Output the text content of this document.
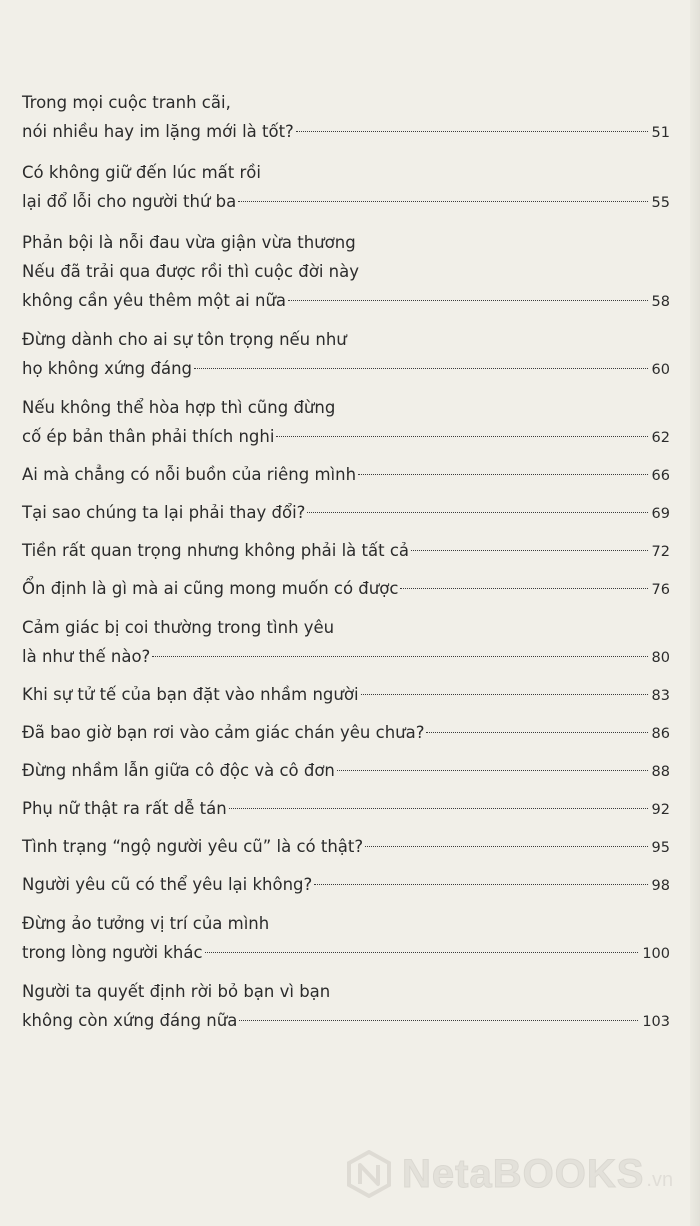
Trong mọi cuộc tranh cãi,
nói nhiều hay im lặng mới là tốt?	51
Có không giữ đến lúc mất rồi
lại đổ lỗi cho người thứ ba	55
Phản bội là nỗi đau vừa giận vừa thương
Nếu đã trải qua được rồi thì cuộc đời này
không cần yêu thêm một ai nữa	58
Đừng dành cho ai sự tôn trọng nếu như
họ không xứng đáng	60
Nếu không thể hòa hợp thì cũng đừng
cố ép bản thân phải thích nghi	62
Ai mà chẳng có nỗi buồn của riêng mình	66
Tại sao chúng ta lại phải thay đổi?	69
Tiền rất quan trọng nhưng không phải là tất cả	72
Ổn định là gì mà ai cũng mong muốn có được	76
Cảm giác bị coi thường trong tình yêu
là như thế nào?	80
Khi sự tử tế của bạn đặt vào nhầm người	83
Đã bao giờ bạn rơi vào cảm giác chán yêu chưa?	86
Đừng nhầm lẫn giữa cô độc và cô đơn	88
Phụ nữ thật ra rất dễ tán	92
Tình trạng “ngộ người yêu cũ” là có thật?	95
Người yêu cũ có thể yêu lại không?	98
Đừng ảo tưởng vị trí của mình
trong lòng người khác	100
Người ta quyết định rời bỏ bạn vì bạn
không còn xứng đáng nữa	103
NetaBOOKS .vn
